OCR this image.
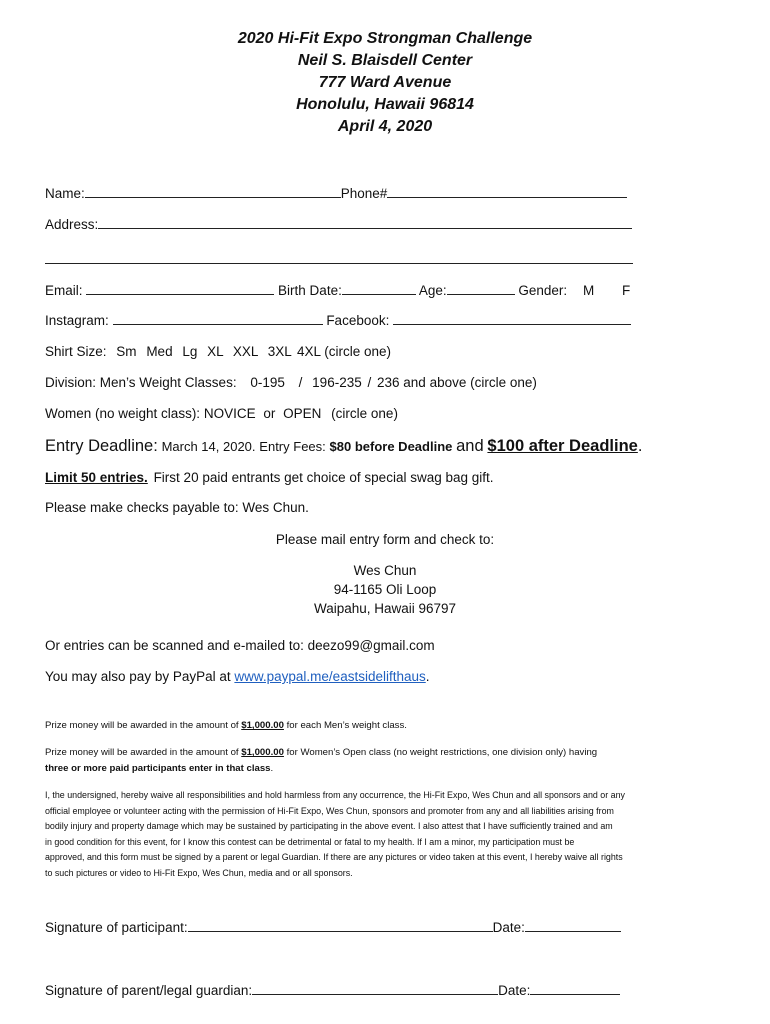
2020 Hi-Fit Expo Strongman Challenge
Neil S. Blaisdell Center
777 Ward Avenue
Honolulu, Hawaii 96814
April 4, 2020
Name:	Phone#
Address:
Email:	Birth Date:	Age:	Gender: M F
Instagram:	Facebook:
Shirt Size: Sm Med Lg XL XXL 3XL 4XL (circle one)
Division: Men’s Weight Classes: 0-195 / 196-235 / 236 and above (circle one)
Women (no weight class): NOVICE or OPEN (circle one)
Entry Deadline: March 14, 2020. Entry Fees: $80 before Deadline and $100 after Deadline.
Limit 50 entries. First 20 paid entrants get choice of special swag bag gift.
Please make checks payable to: Wes Chun.
Please mail entry form and check to:
Wes Chun
94-1165 Oli Loop
Waipahu, Hawaii 96797
Or entries can be scanned and e-mailed to: deezo99@gmail.com
You may also pay by PayPal at www.paypal.me/eastsidelifthaus.
Prize money will be awarded in the amount of $1,000.00 for each Men’s weight class.
Prize money will be awarded in the amount of $1,000.00 for Women’s Open class (no weight restrictions, one division only) having
three or more paid participants enter in that class.
I, the undersigned, hereby waive all responsibilities and hold harmless from any occurrence, the Hi-Fit Expo, Wes Chun and all sponsors and or any
official employee or volunteer acting with the permission of Hi-Fit Expo, Wes Chun, sponsors and promoter from any and all liabilities arising from
bodily injury and property damage which may be sustained by participating in the above event. I also attest that I have sufficiently trained and am
in good condition for this event, for I know this contest can be detrimental or fatal to my health. If I am a minor, my participation must be
approved, and this form must be signed by a parent or legal Guardian. If there are any pictures or video taken at this event, I hereby waive all rights
to such pictures or video to Hi-Fit Expo, Wes Chun, media and or all sponsors.
Signature of participant:	Date:
Signature of parent/legal guardian:	Date:
